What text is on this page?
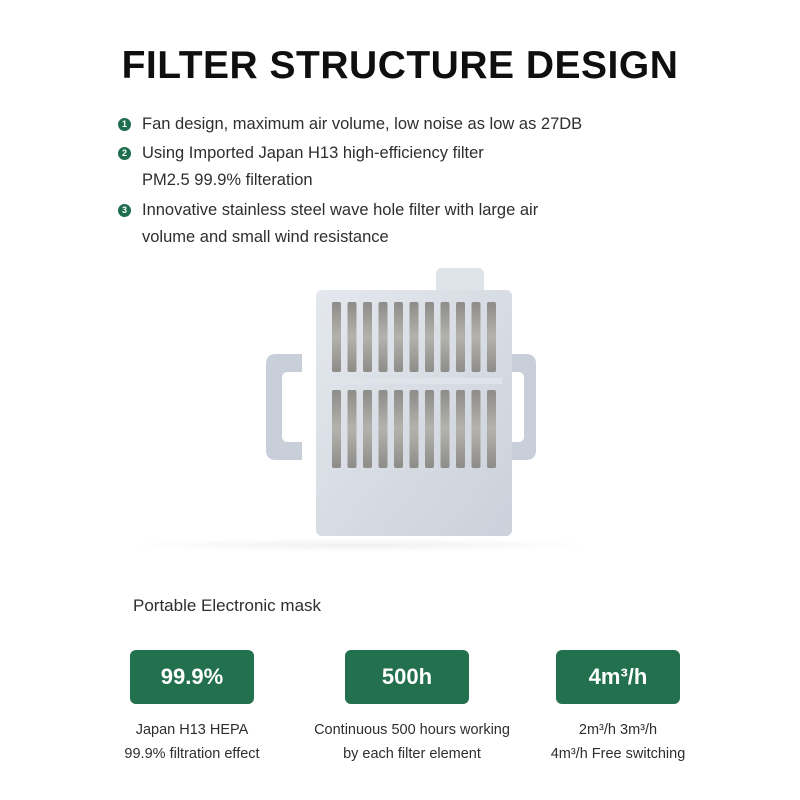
FILTER STRUCTURE DESIGN
1 Fan design, maximum air volume, low noise as low as 27DB
2 Using Imported Japan H13 high-efficiency filter
PM2.5 99.9% filteration
3 Innovative stainless steel wave hole filter with large air
volume and small wind resistance
Portable Electronic mask
99.9%	500h	4m³/h
Japan H13 HEPA
99.9% filtration effect
Continuous 500 hours working
by each filter element
2m³/h 3m³/h
4m³/h Free switching
